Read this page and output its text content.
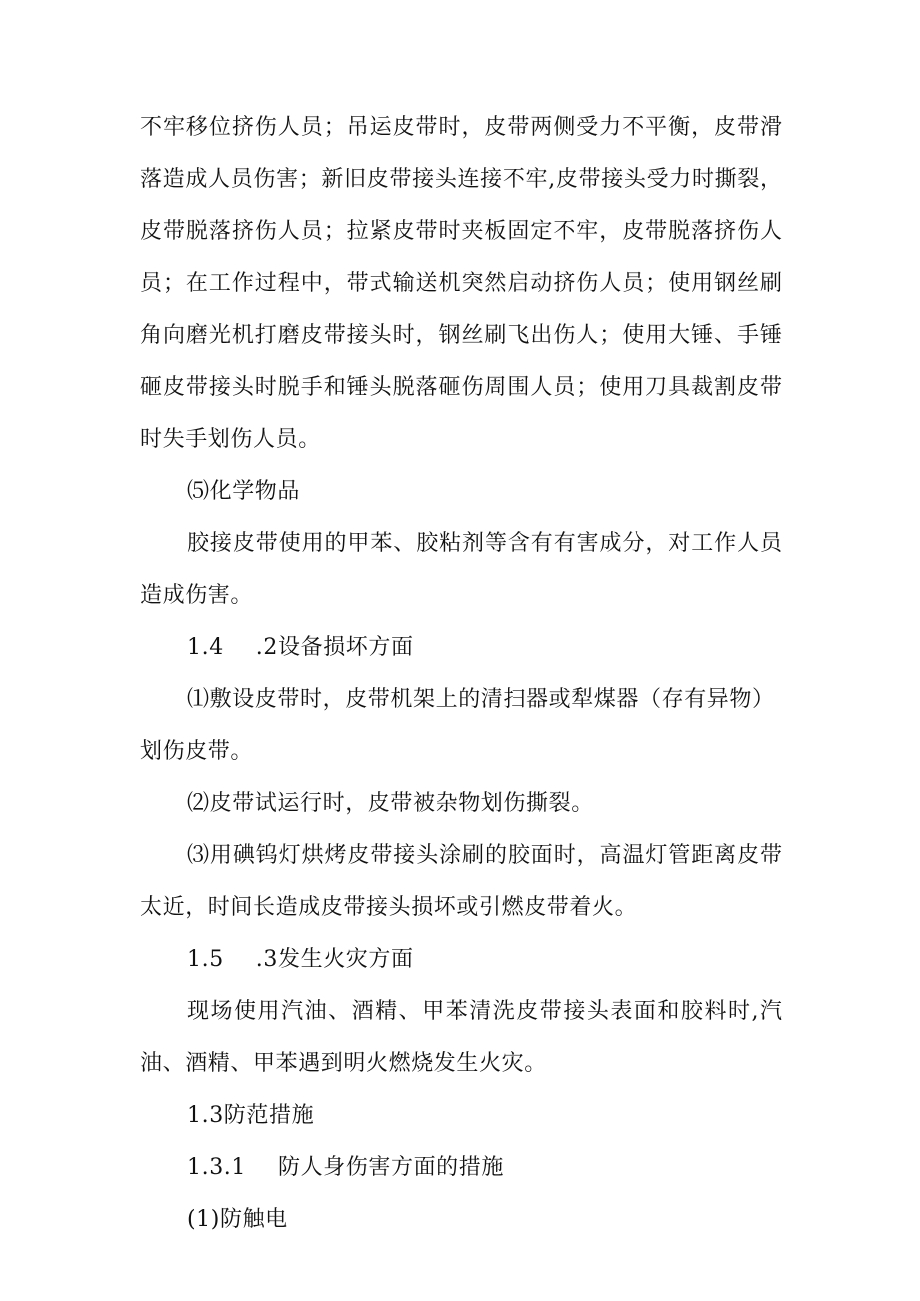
不牢移位挤伤人员；吊运皮带时，皮带两侧受力不平衡，皮带滑
落造成人员伤害；新旧皮带接头连接不牢,皮带接头受力时撕裂，
皮带脱落挤伤人员；拉紧皮带时夹板固定不牢，皮带脱落挤伤人
员；在工作过程中，带式输送机突然启动挤伤人员；使用钢丝刷
角向磨光机打磨皮带接头时，钢丝刷飞出伤人；使用大锤、手锤
砸皮带接头时脱手和锤头脱落砸伤周围人员；使用刀具裁割皮带
时失手划伤人员。
⑸化学物品
胶接皮带使用的甲苯、胶粘剂等含有有害成分，对工作人员
造成伤害。
1.4 .2设备损坏方面
⑴敷设皮带时，皮带机架上的清扫器或犁煤器（存有异物）
划伤皮带。
⑵皮带试运行时，皮带被杂物划伤撕裂。
⑶用碘钨灯烘烤皮带接头涂刷的胶面时，高温灯管距离皮带
太近，时间长造成皮带接头损坏或引燃皮带着火。
1.5 .3发生火灾方面
现场使用汽油、酒精、甲苯清洗皮带接头表面和胶料时,汽
油、酒精、甲苯遇到明火燃烧发生火灾。
1.3防范措施
1.3.1 防人身伤害方面的措施
(1)防触电
